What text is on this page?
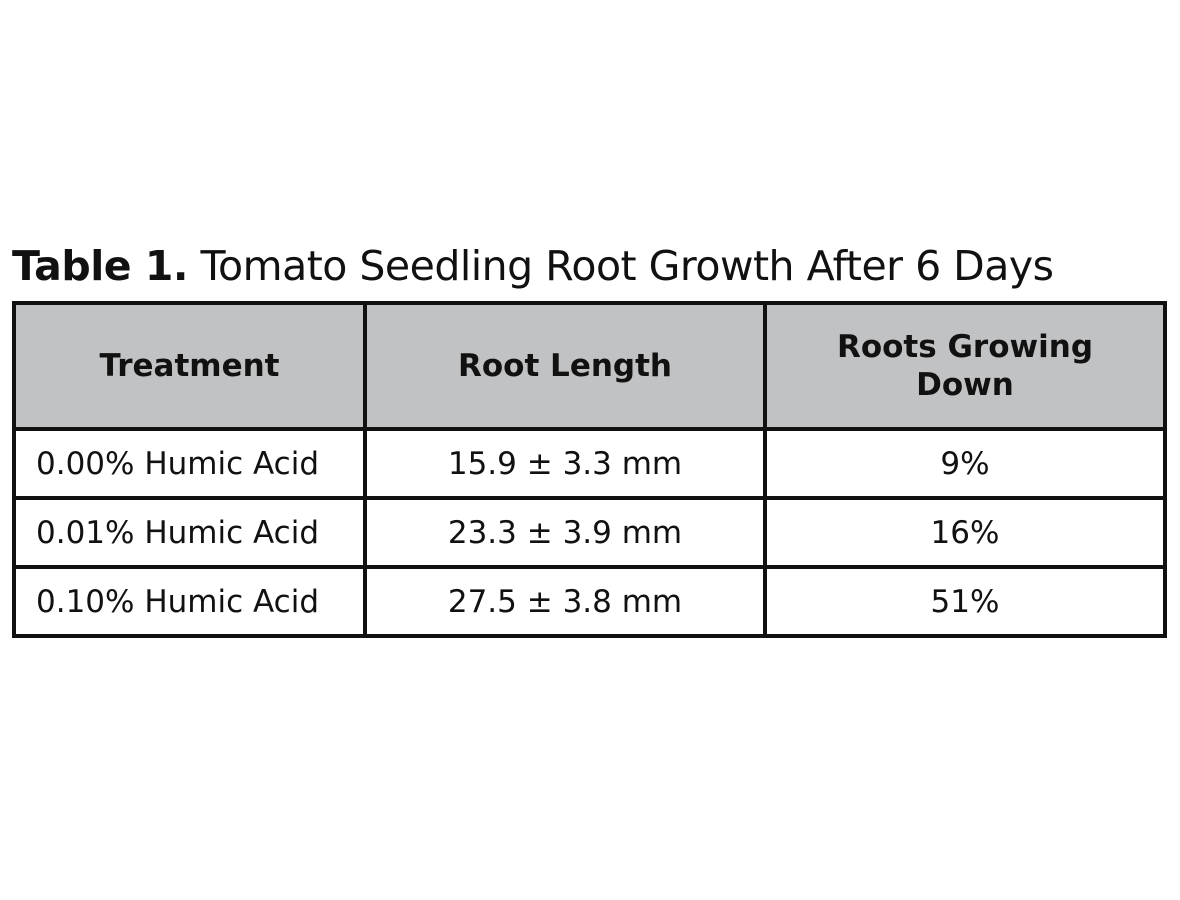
Table 1. Tomato Seedling Root Growth After 6 Days
Treatment	Root Length	Roots Growing Down
0.00% Humic Acid	15.9 ± 3.3 mm	9%
0.01% Humic Acid	23.3 ± 3.9 mm	16%
0.10% Humic Acid	27.5 ± 3.8 mm	51%
